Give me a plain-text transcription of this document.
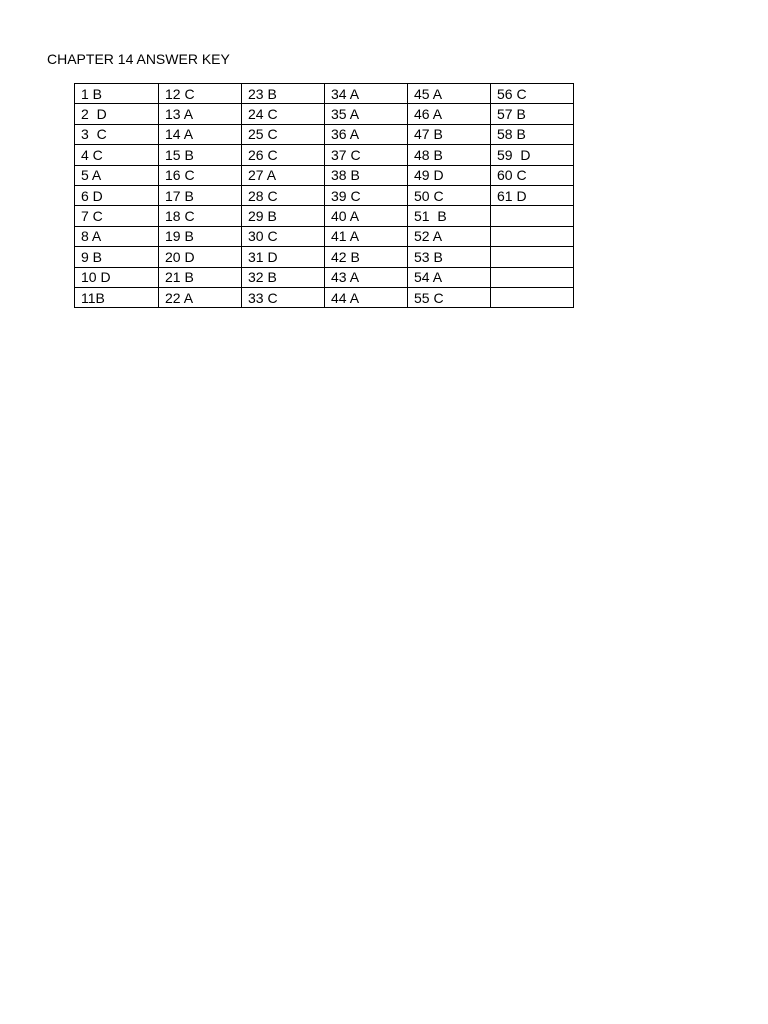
CHAPTER 14 ANSWER KEY
1 B	12 C	23 B	34 A	45 A	56 C
2  D	13 A	24 C	35 A	46 A	57 B
3  C	14 A	25 C	36 A	47 B	58 B
4 C	15 B	26 C	37 C	48 B	59  D
5 A	16 C	27 A	38 B	49 D	60 C
6 D	17 B	28 C	39 C	50 C	61 D
7 C	18 C	29 B	40 A	51  B	
8 A	19 B	30 C	41 A	52 A	
9 B	20 D	31 D	42 B	53 B	
10 D	21 B	32 B	43 A	54 A	
11B	22 A	33 C	44 A	55 C	
